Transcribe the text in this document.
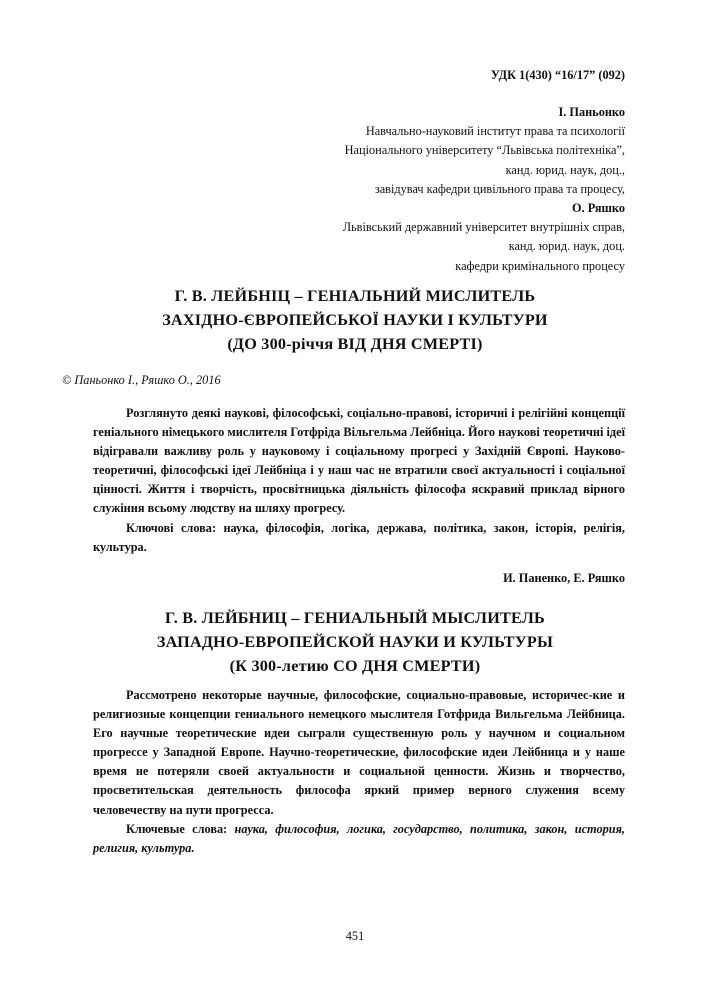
УДК 1(430) “16/17” (092)
І. Паньонко
Навчально-науковий інститут права та психології
Національного університету “Львівська політехніка”,
канд. юрид. наук, доц.,
завідувач кафедри цивільного права та процесу,
О. Ряшко
Львівський державний університет внутрішніх справ,
канд. юрид. наук, доц.
кафедри кримінального процесу
Г. В. ЛЕЙБНІЦ – ГЕНІАЛЬНИЙ МИСЛИТЕЛЬ
ЗАХІДНО-ЄВРОПЕЙСЬКОЇ НАУКИ І КУЛЬТУРИ
(ДО 300-річчя ВІД ДНЯ СМЕРТІ)
© Паньонко І., Ряшко О., 2016

Розглянуто деякі наукові, філософські, соціально-правові, історичні і релігійні концепції геніального німецького мислителя Готфріда Вільгельма Лейбніца. Його наукові теоретичні ідеї відігравали важливу роль у науковому і соціальному прогресі у Західній Європі. Науково-теоретичні, філософські ідеї Лейбніца і у наш час не втратили своєї актуальності і соціальної цінності. Життя і творчість, просвітницька діяльність філософа яскравий приклад вірного служіння всьому людству на шляху прогресу.

Ключові слова: наука, філософія, логіка, держава, політика, закон, історія, релігія, культура.

И. Паненко, Е. Ряшко
Г. В. ЛЕЙБНИЦ – ГЕНИАЛЬНЫЙ МЫСЛИТЕЛЬ
ЗАПАДНО-ЕВРОПЕЙСКОЙ НАУКИ И КУЛЬТУРЫ
(К 300-летию СО ДНЯ СМЕРТИ)

Рассмотрено некоторые научные, философские, социально-правовые, историчес-кие и религиозные концепции гениального немецкого мыслителя Готфрида Вильгельма Лейбница. Его научные теоретические идеи сыграли существенную роль у научном и социальном прогрессе у Западной Европе. Научно-теоретические, философские идеи Лейбница и у наше время не потеряли своей актуальности и социальной ценности. Жизнь и творчество, просветительская деятельность философа яркий пример верного служения всему человечеству на пути прогресса.

Ключевые слова: наука, философия, логика, государство, политика, закон, история, религия, культура.

451
